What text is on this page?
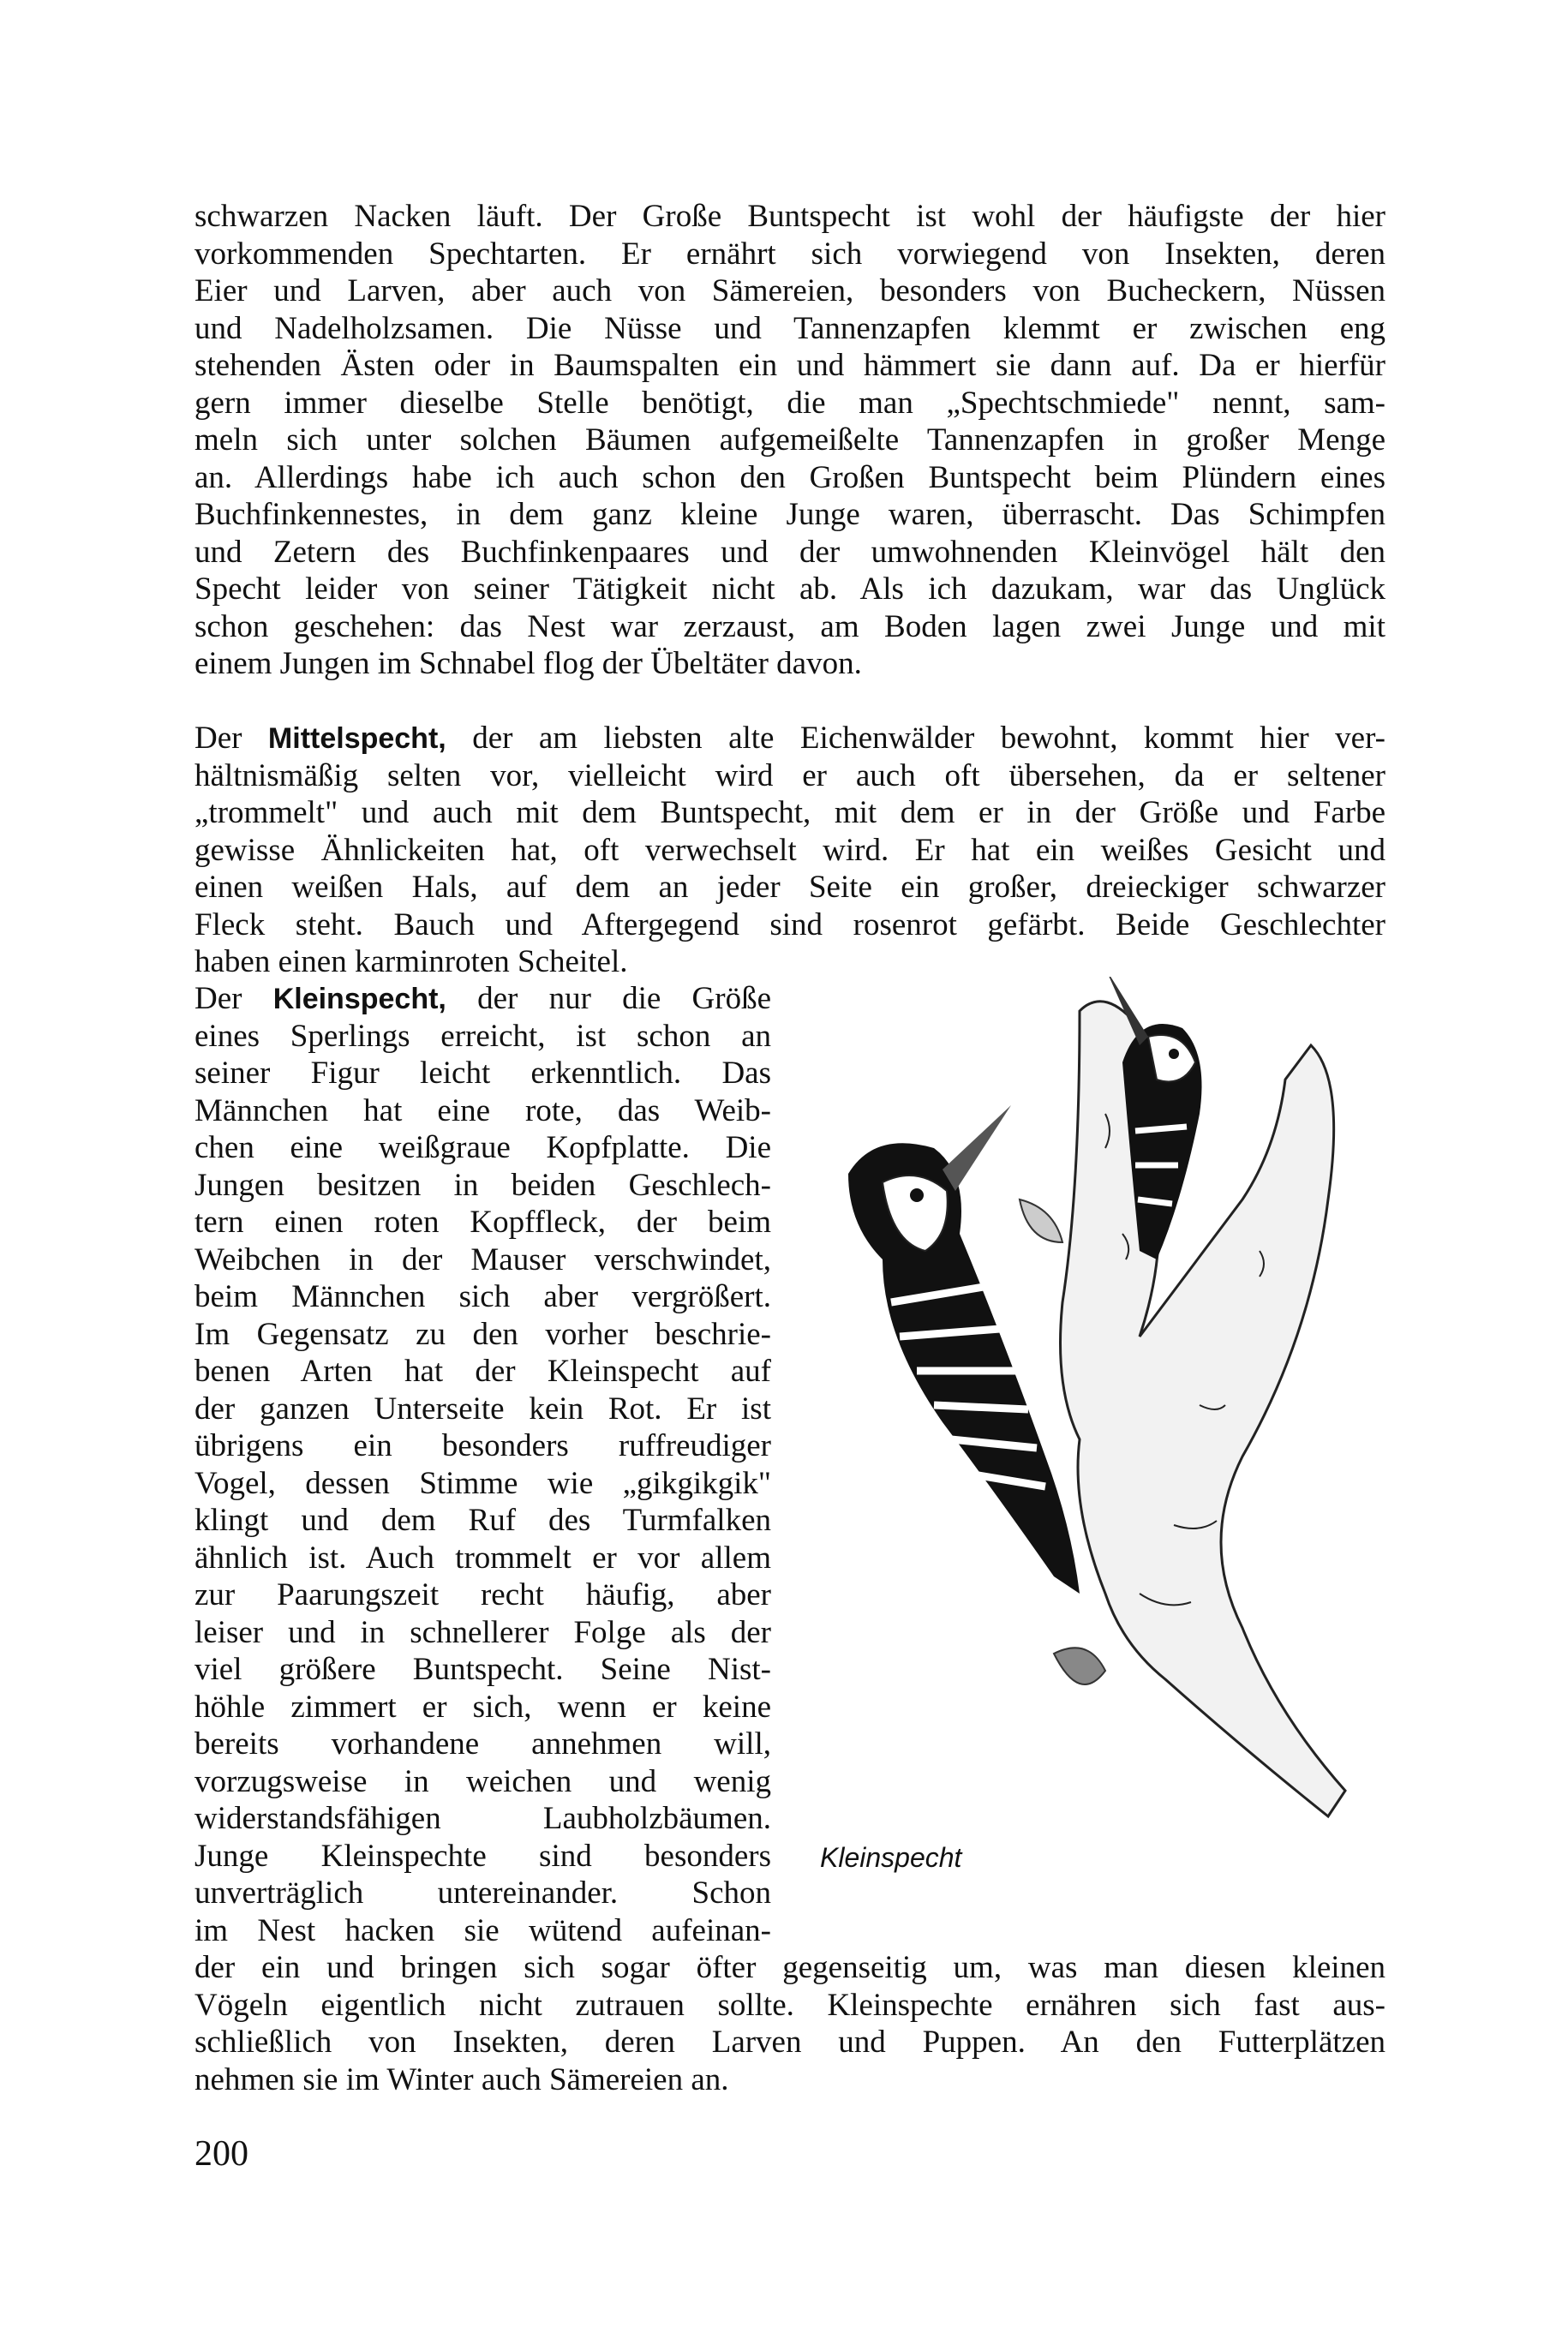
schwarzen Nacken läuft. Der Große Buntspecht ist wohl der häufigste der hier
vorkommenden Spechtarten. Er ernährt sich vorwiegend von Insekten, deren
Eier und Larven, aber auch von Sämereien, besonders von Bucheckern, Nüssen
und Nadelholzsamen. Die Nüsse und Tannenzapfen klemmt er zwischen eng
stehenden Ästen oder in Baumspalten ein und hämmert sie dann auf. Da er hierfür
gern immer dieselbe Stelle benötigt, die man „Spechtschmiede" nennt, sam-
meln sich unter solchen Bäumen aufgemeißelte Tannenzapfen in großer Menge
an. Allerdings habe ich auch schon den Großen Buntspecht beim Plündern eines
Buchfinkennestes, in dem ganz kleine Junge waren, überrascht. Das Schimpfen
und Zetern des Buchfinkenpaares und der umwohnenden Kleinvögel hält den
Specht leider von seiner Tätigkeit nicht ab. Als ich dazukam, war das Unglück
schon geschehen: das Nest war zerzaust, am Boden lagen zwei Junge und mit
einem Jungen im Schnabel flog der Übeltäter davon.
Der Mittelspecht, der am liebsten alte Eichenwälder bewohnt, kommt hier ver-
hältnismäßig selten vor, vielleicht wird er auch oft übersehen, da er seltener
„trommelt" und auch mit dem Buntspecht, mit dem er in der Größe und Farbe
gewisse Ähnlickeiten hat, oft verwechselt wird. Er hat ein weißes Gesicht und
einen weißen Hals, auf dem an jeder Seite ein großer, dreieckiger schwarzer
Fleck steht. Bauch und Aftergegend sind rosenrot gefärbt. Beide Geschlechter
haben einen karminroten Scheitel.
Der Kleinspecht, der nur die Größe
eines Sperlings erreicht, ist schon an
seiner Figur leicht erkenntlich. Das
Männchen hat eine rote, das Weib-
chen eine weißgraue Kopfplatte. Die
Jungen besitzen in beiden Geschlech-
tern einen roten Kopffleck, der beim
Weibchen in der Mauser verschwindet,
beim Männchen sich aber vergrößert.
Im Gegensatz zu den vorher beschrie-
benen Arten hat der Kleinspecht auf
der ganzen Unterseite kein Rot. Er ist
übrigens ein besonders ruffreudiger
Vogel, dessen Stimme wie „gikgikgik"
klingt und dem Ruf des Turmfalken
ähnlich ist. Auch trommelt er vor allem
zur Paarungszeit recht häufig, aber
leiser und in schnellerer Folge als der
viel größere Buntspecht. Seine Nist-
höhle zimmert er sich, wenn er keine
bereits vorhandene annehmen will,
vorzugsweise in weichen und wenig
widerstandsfähigen Laubholzbäumen.
Junge Kleinspechte sind besonders
unverträglich untereinander. Schon
im Nest hacken sie wütend aufeinan-
der ein und bringen sich sogar öfter gegenseitig um, was man diesen kleinen
Vögeln eigentlich nicht zutrauen sollte. Kleinspechte ernähren sich fast aus-
schließlich von Insekten, deren Larven und Puppen. An den Futterplätzen
nehmen sie im Winter auch Sämereien an.
Kleinspecht
200
